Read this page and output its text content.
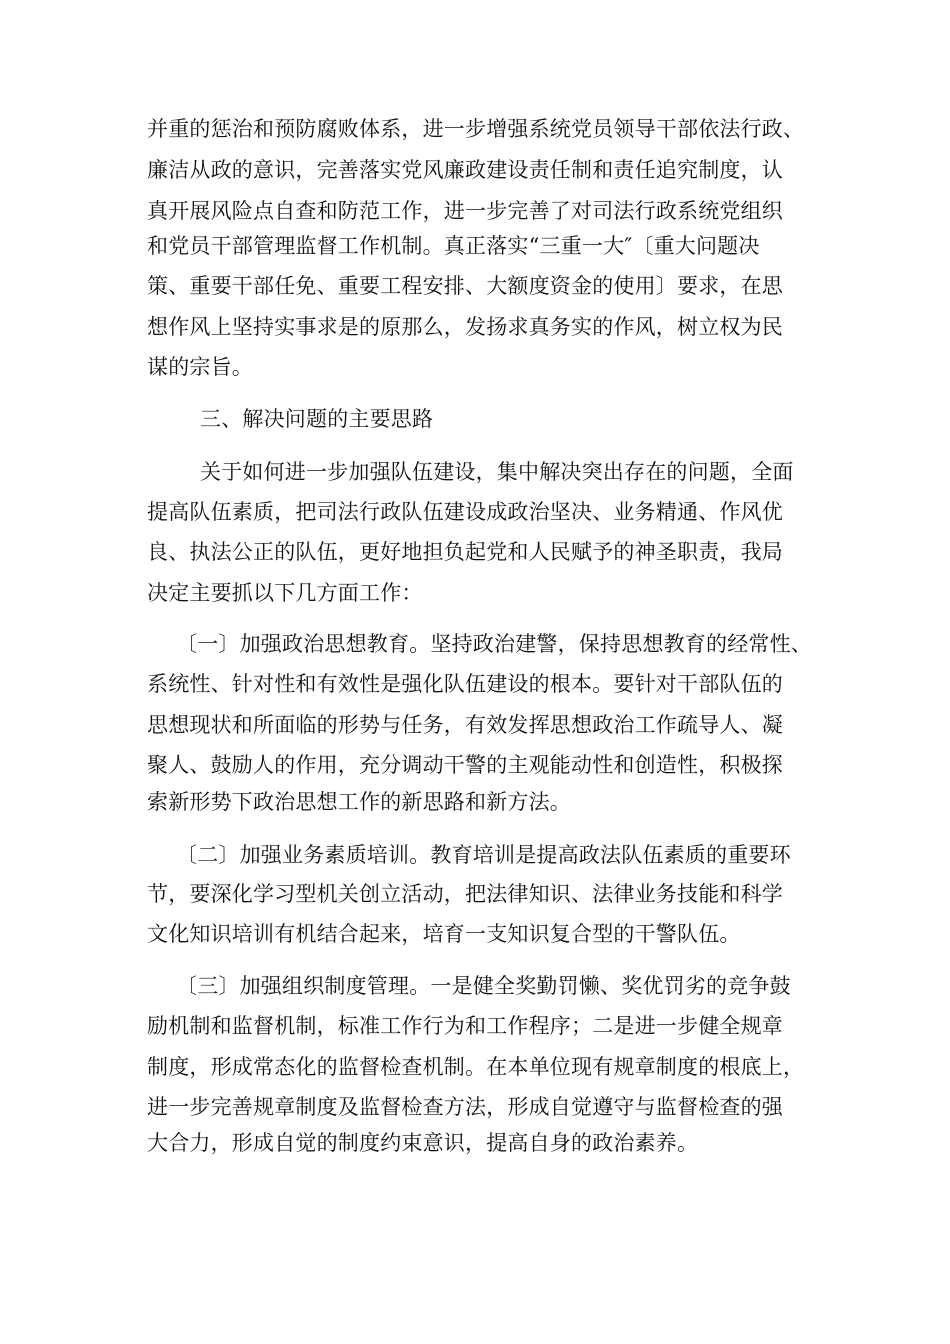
并重的惩治和预防腐败体系，进一步增强系统党员领导干部依法行政、
廉洁从政的意识，完善落实党风廉政建设责任制和责任追究制度，认
真开展风险点自查和防范工作，进一步完善了对司法行政系统党组织
和党员干部管理监督工作机制。真正落实“三重一大″〔重大问题决
策、重要干部任免、重要工程安排、大额度资金的使用〕要求，在思
想作风上坚持实事求是的原那么，发扬求真务实的作风，树立权为民
谋的宗旨。
三、解决问题的主要思路
关于如何进一步加强队伍建设，集中解决突出存在的问题，全面
提高队伍素质，把司法行政队伍建设成政治坚决、业务精通、作风优
良、执法公正的队伍，更好地担负起党和人民赋予的神圣职责，我局
决定主要抓以下几方面工作：
〔一〕加强政治思想教育。坚持政治建警，保持思想教育的经常性、
系统性、针对性和有效性是强化队伍建设的根本。要针对干部队伍的
思想现状和所面临的形势与任务，有效发挥思想政治工作疏导人、凝
聚人、鼓励人的作用，充分调动干警的主观能动性和创造性，积极探
索新形势下政治思想工作的新思路和新方法。
〔二〕加强业务素质培训。教育培训是提高政法队伍素质的重要环
节，要深化学习型机关创立活动，把法律知识、法律业务技能和科学
文化知识培训有机结合起来，培育一支知识复合型的干警队伍。
〔三〕加强组织制度管理。一是健全奖勤罚懒、奖优罚劣的竞争鼓
励机制和监督机制，标准工作行为和工作程序；二是进一步健全规章
制度，形成常态化的监督检查机制。在本单位现有规章制度的根底上，
进一步完善规章制度及监督检查方法，形成自觉遵守与监督检查的强
大合力，形成自觉的制度约束意识，提高自身的政治素养。
